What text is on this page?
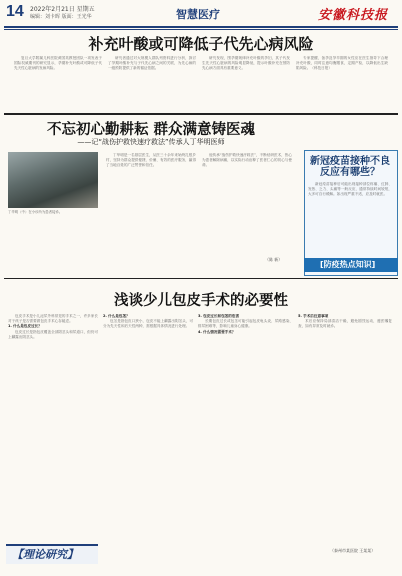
14 2022年2月21日 星期五
编辑：刘卡晖 版面：王光华	智慧医疗	安徽科技报
补充叶酸或可降低子代先心病风险

复旦大学附属儿科医院黄国英教授团队一项发表于国际权威期刊的研究显示，孕期补充叶酸或可降低子代先天性心脏病的发病风险。

研究者通过对大规模人群队列资料进行分析，探讨了孕期叶酸补充与子代先心病之间的关联，为先心病的一级预防提供了新的循证依据。

研究发现，围孕期规律补充叶酸的孕妇，其子代发生先天性心脏病的风险明显降低，提示叶酸补充在预防先心病方面具有重要意义。

专家提醒，备孕及孕早期的女性应在医生指导下合理补充叶酸，同时注意均衡膳食，定期产检，以降低出生缺陷风险。（科技日报）

不忘初心勤耕耘 群众满意铸医魂
——记“战伤护救快速疗救法”传承人丁华明医师
丁华明（中）在小诊所为患者接诊。

丁华明是一名基层医生，从医三十余年来始终扎根乡村，坚持为群众提供便捷、价廉、有效的医疗服务，赢得了当地百姓的广泛赞誉和信任。

他传承“战伤护救快速疗救法”，不断钻研医术，热心为患者解除病痛，以实际行动诠释了医者仁心的初心与使命。

（陈 新）
新冠疫苗接种不良反应有哪些？

新冠疫苗接种后可能出现接种部位疼痛、红肿、发热、乏力、头痛等一般反应，通常持续时间较短，大多可自行缓解。如出现严重不适，应及时就医。

[防疫热点知识]
浅谈少儿包皮手术的必要性

包皮手术是小儿泌尿外科常见的手术之一，许多家长对于孩子是否需要做包皮手术心存疑虑。

1. 什么是包皮过长？

包皮过长是指包皮覆盖全部阴茎头和尿道口，但仍可上翻露出阴茎头。

2. 什么是包茎？

包茎是指包皮口狭小，包皮不能上翻露出阴茎头，可分为先天性和后天性两种，需根据具体情况进行处理。

3. 包皮过长和包茎的危害

长期包皮过长或包茎可能引起包皮龟头炎、尿路感染、排尿困难等，影响儿童身心健康。

4. 什么情况需要手术？

5. 手术后注意事项

术后应保持局部清洁干燥，避免剧烈运动，遵医嘱复查，如有异常及时就诊。

（泰州市某医院 王某某）
【理论研究】
